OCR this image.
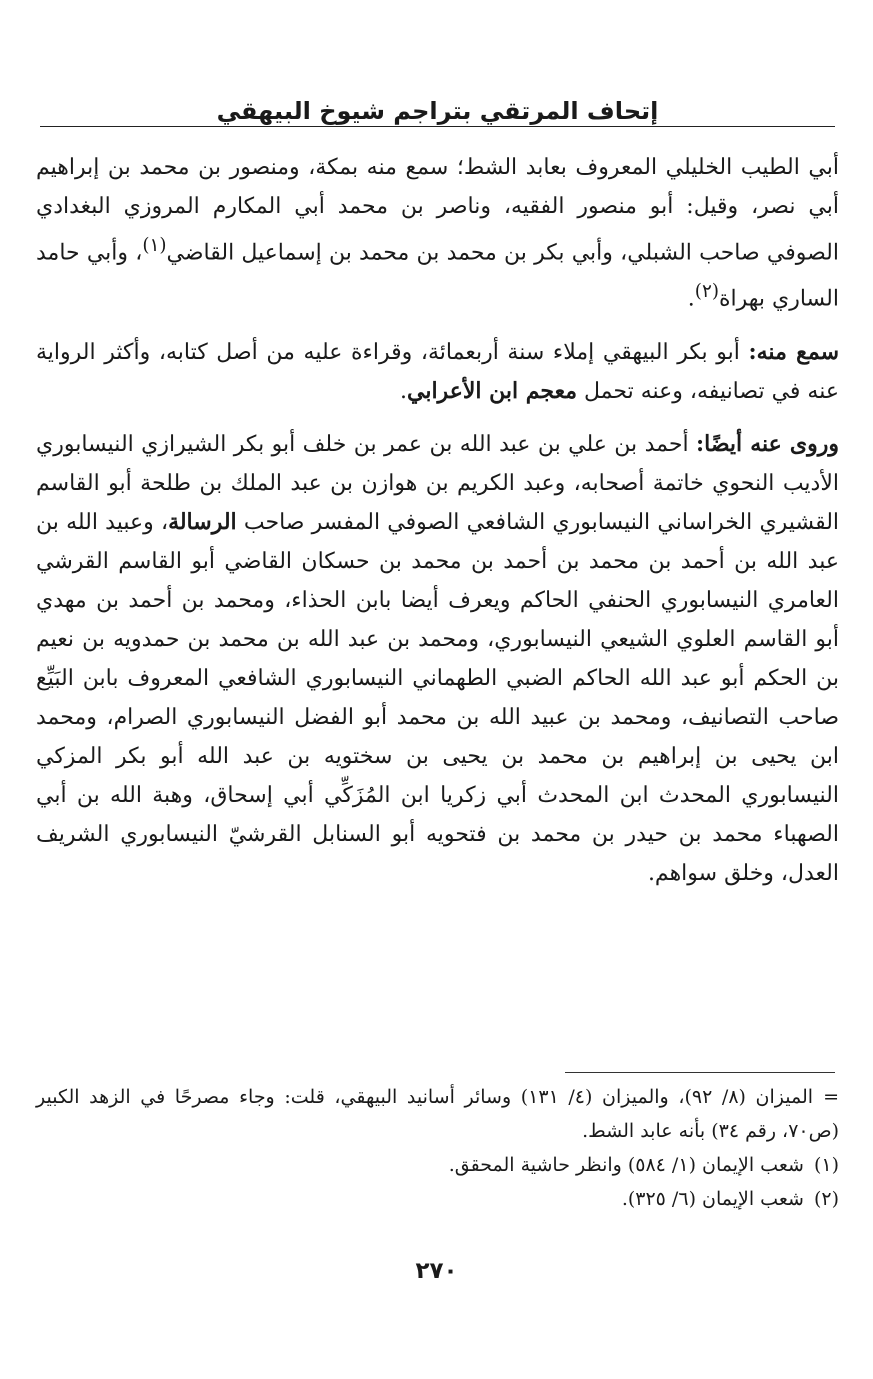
إتحاف المرتقي بتراجم شيوخ البيهقي

أبي الطيب الخليلي المعروف بعابد الشط؛ سمع منه بمكة، ومنصور بن محمد بن إبراهيم أبي نصر، وقيل: أبو منصور الفقيه، وناصر بن محمد أبي المكارم المروزي البغدادي الصوفي صاحب الشبلي، وأبي بكر بن محمد بن محمد بن إسماعيل القاضي$^{(١)}$، وأبي حامد الساري بهراة$^{(٢)}$.

سمع منه: أبو بكر البيهقي إملاء سنة أربعمائة، وقراءة عليه من أصل كتابه، وأكثر الرواية عنه في تصانيفه، وعنه تحمل معجم ابن الأعرابي.

وروى عنه أيضًا: أحمد بن علي بن عبد الله بن عمر بن خلف أبو بكر الشيرازي النيسابوري الأديب النحوي خاتمة أصحابه، وعبد الكريم بن هوازن بن عبد الملك بن طلحة أبو القاسم القشيري الخراساني النيسابوري الشافعي الصوفي المفسر صاحب الرسالة، وعبيد الله بن عبد الله بن أحمد بن محمد بن أحمد بن محمد بن حسكان القاضي أبو القاسم القرشي العامري النيسابوري الحنفي الحاكم ويعرف أيضا بابن الحذاء، ومحمد بن أحمد بن مهدي أبو القاسم العلوي الشيعي النيسابوري، ومحمد بن عبد الله بن محمد بن حمدويه بن نعيم بن الحكم أبو عبد الله الحاكم الضبي الطهماني النيسابوري الشافعي المعروف بابن البَيِّع صاحب التصانيف، ومحمد بن عبيد الله بن محمد أبو الفضل النيسابوري الصرام، ومحمد ابن يحيى بن إبراهيم بن محمد بن يحيى بن سختويه بن عبد الله أبو بكر المزكي النيسابوري المحدث ابن المحدث أبي زكريا ابن المُزَكِّي أبي إسحاق، وهبة الله بن أبي الصهباء محمد بن حيدر بن محمد بن فتحويه أبو السنابل القرشيّ النيسابوري الشريف العدل، وخلق سواهم.

=الميزان (٨/ ٩٢)، والميزان (٤/ ١٣١) وسائر أسانيد البيهقي، قلت: وجاء مصرحًا في الزهد الكبير (ص٧٠، رقم ٣٤) بأنه عابد الشط.

(١)شعب الإيمان (١/ ٥٨٤) وانظر حاشية المحقق.

(٢)شعب الإيمان (٦/ ٣٢٥).

٢٧٠
